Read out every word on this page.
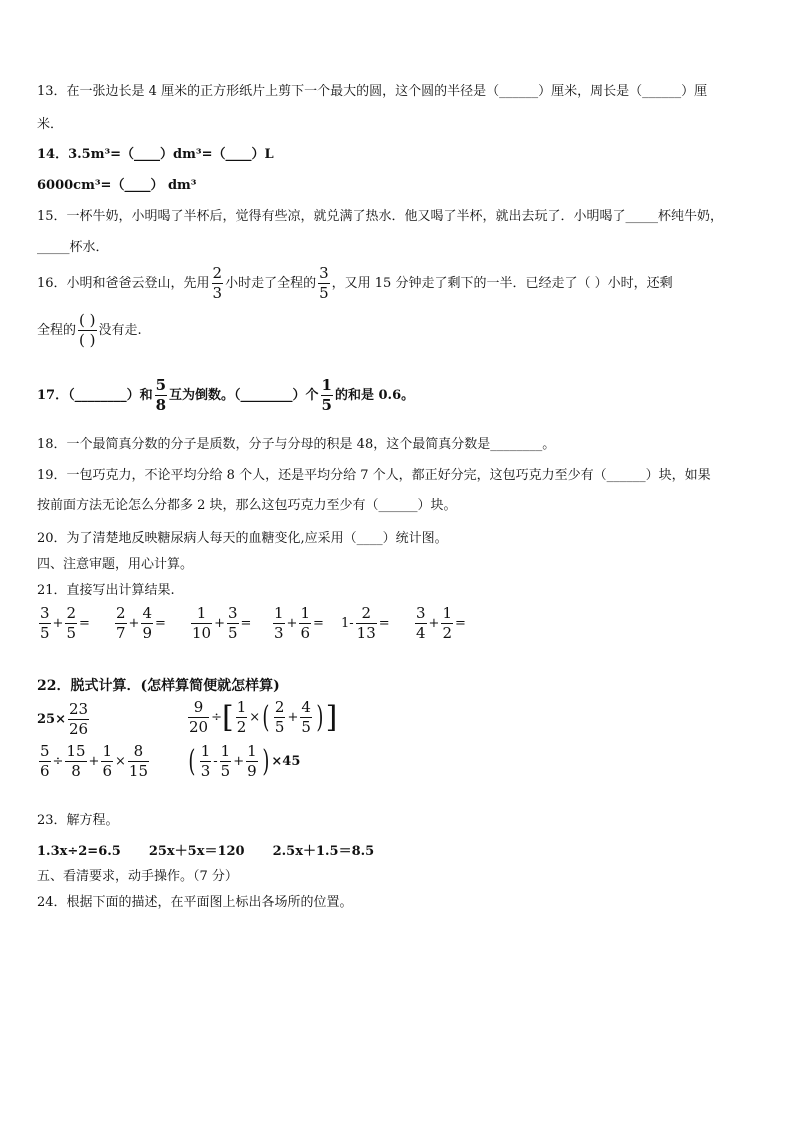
13．在一张边长是 4 厘米的正方形纸片上剪下一个最大的圆，这个圆的半径是（______）厘米，周长是（______）厘
米．
14．3.5m³=（____）dm³=（____）L
6000cm³=（____） dm³
15．一杯牛奶，小明喝了半杯后，觉得有些凉，就兑满了热水．他又喝了半杯，就出去玩了．小明喝了_____杯纯牛奶，
_____杯水．
16．小明和爸爸云登山，先用 $\frac{2}{3}$ 小时走了全程的 $\frac{3}{5}$ ，又用 15 分钟走了剩下的一半．已经走了（ ）小时，还剩
全程的 $\frac{( )}{( )}$ 没有走.
17．（________）和 $\frac{5}{8}$ 互为倒数。（________）个 $\frac{1}{5}$ 的和是 0.6。
18．一个最简真分数的分子是质数，分子与分母的积是 48，这个最简真分数是________。
19．一包巧克力，不论平均分给 8 个人，还是平均分给 7 个人，都正好分完，这包巧克力至少有（______）块，如果
按前面方法无论怎么分都多 2 块，那么这包巧克力至少有（______）块。
20．为了清楚地反映糖尿病人每天的血糖变化,应采用（____）统计图。
四、注意审题，用心计算。
21．直接写出计算结果.
$\frac{3}{5} + \frac{2}{5} = \frac{2}{7} + \frac{4}{9} = \frac{1}{10} + \frac{3}{5} = \frac{1}{3} + \frac{1}{6} = 1- \frac{2}{13} = \frac{3}{4} + \frac{1}{2}$ =
22．脱式计算．(怎样算简便就怎样算)
$25\times \frac{23}{26}$	$\frac{9}{20}$ ÷ [ $\frac{1}{2}$ × ( $\frac{2}{5} + \frac{4}{5}$ ) ]
$\frac{5}{6} \div \frac{15}{8} + \frac{1}{6} \times \frac{8}{15}$ ( $\frac{1}{3} - \frac{1}{5} + \frac{1}{9}$ ) ×45
23．解方程。
1.3x÷2=6.5 25x＋5x＝120 2.5x＋1.5＝8.5
五、看清要求，动手操作。（7 分）
24．根据下面的描述，在平面图上标出各场所的位置。
